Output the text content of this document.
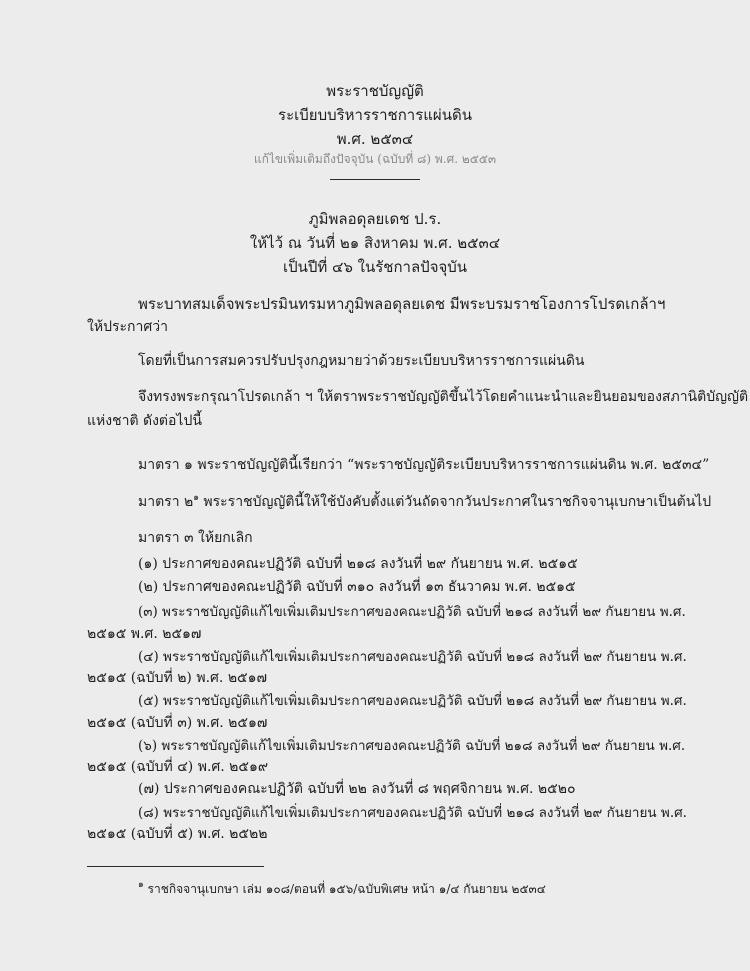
พระราชบัญญัติ
ระเบียบบริหารราชการแผ่นดิน
พ.ศ. ๒๕๓๔
แก้ไขเพิ่มเติมถึงปัจจุบัน (ฉบับที่ ๘) พ.ศ. ๒๕๕๓
ภูมิพลอดุลยเดช ป.ร.
ให้ไว้ ณ วันที่ ๒๑ สิงหาคม พ.ศ. ๒๕๓๔
เป็นปีที่ ๔๖ ในรัชกาลปัจจุบัน
พระบาทสมเด็จพระปรมินทรมหาภูมิพลอดุลยเดช มีพระบรมราชโองการโปรดเกล้าฯ
ให้ประกาศว่า
โดยที่เป็นการสมควรปรับปรุงกฎหมายว่าด้วยระเบียบบริหารราชการแผ่นดิน
จึงทรงพระกรุณาโปรดเกล้า ฯ ให้ตราพระราชบัญญัติขึ้นไว้โดยคำแนะนำและยินยอมของสภานิติบัญญัติ
แห่งชาติ ดังต่อไปนี้
มาตรา ๑ พระราชบัญญัตินี้เรียกว่า “พระราชบัญญัติระเบียบบริหารราชการแผ่นดิน พ.ศ. ๒๕๓๔”
มาตรา ๒$^๑$ พระราชบัญญัตินี้ให้ใช้บังคับตั้งแต่วันถัดจากวันประกาศในราชกิจจานุเบกษาเป็นต้นไป
มาตรา ๓ ให้ยกเลิก
(๑) ประกาศของคณะปฏิวัติ ฉบับที่ ๒๑๘ ลงวันที่ ๒๙ กันยายน พ.ศ. ๒๕๑๕
(๒) ประกาศของคณะปฏิวัติ ฉบับที่ ๓๑๐ ลงวันที่ ๑๓ ธันวาคม พ.ศ. ๒๕๑๕
(๓) พระราชบัญญัติแก้ไขเพิ่มเติมประกาศของคณะปฏิวัติ ฉบับที่ ๒๑๘ ลงวันที่ ๒๙ กันยายน พ.ศ.
๒๕๑๕ พ.ศ. ๒๕๑๗
(๔) พระราชบัญญัติแก้ไขเพิ่มเติมประกาศของคณะปฏิวัติ ฉบับที่ ๒๑๘ ลงวันที่ ๒๙ กันยายน พ.ศ.
๒๕๑๕ (ฉบับที่ ๒) พ.ศ. ๒๕๑๗
(๕) พระราชบัญญัติแก้ไขเพิ่มเติมประกาศของคณะปฏิวัติ ฉบับที่ ๒๑๘ ลงวันที่ ๒๙ กันยายน พ.ศ.
๒๕๑๕ (ฉบับที่ ๓) พ.ศ. ๒๕๑๗
(๖) พระราชบัญญัติแก้ไขเพิ่มเติมประกาศของคณะปฏิวัติ ฉบับที่ ๒๑๘ ลงวันที่ ๒๙ กันยายน พ.ศ.
๒๕๑๕ (ฉบับที่ ๔) พ.ศ. ๒๕๑๙
(๗) ประกาศของคณะปฏิวัติ ฉบับที่ ๒๒ ลงวันที่ ๘ พฤศจิกายน พ.ศ. ๒๕๒๐
(๘) พระราชบัญญัติแก้ไขเพิ่มเติมประกาศของคณะปฏิวัติ ฉบับที่ ๒๑๘ ลงวันที่ ๒๙ กันยายน พ.ศ.
๒๕๑๕ (ฉบับที่ ๕) พ.ศ. ๒๕๒๒
$^๑$ ราชกิจจานุเบกษา เล่ม ๑๐๘/ตอนที่ ๑๕๖/ฉบับพิเศษ หน้า ๑/๔ กันยายน ๒๕๓๔
